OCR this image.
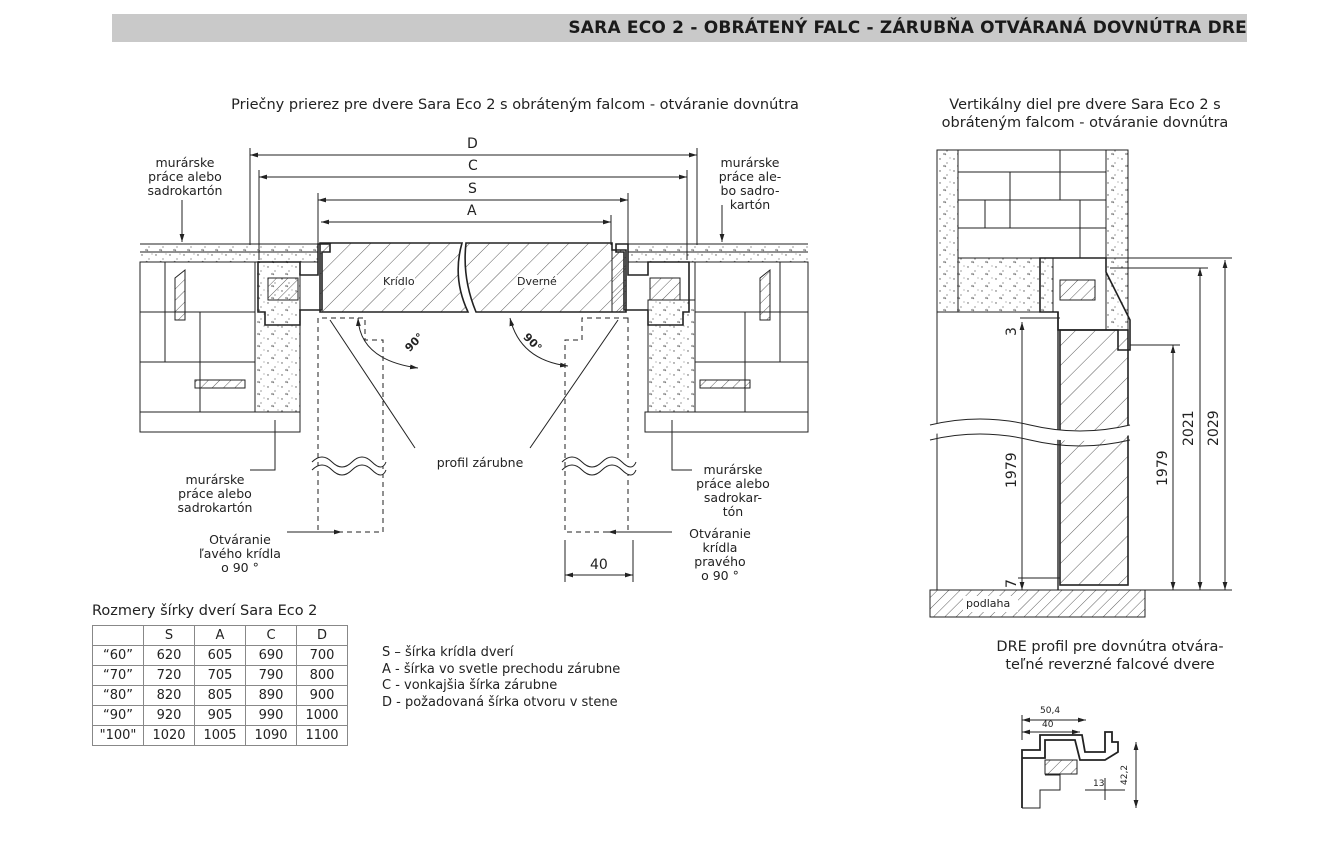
SARA ECO 2 - OBRÁTENÝ FALC - ZÁRUBŇA OTVÁRANÁ DOVNÚTRA DRE
Priečny prierez pre dvere Sara Eco 2 s obráteným falcom - otváranie dovnútra
D
C
S
A
40
90°	90°
Krídlo	Dverné
profil zárubne
murárske
práce alebo
sadrokartón
murárske
práce ale-
bo sadro-
kartón
murárske
práce alebo
sadrokartón
murárske
práce alebo
sadrokar-
tón
Otváranie
ľavého krídla
o 90 °
Otváranie
krídla
pravého
o 90 °
Vertikálny diel pre dvere Sara Eco 2 s
obráteným falcom - otváranie dovnútra
3
7
1979	1979
2021 2029
podlaha
DRE profil pre dovnútra otvára-
teľné reverzné falcové dvere
50,4
40
13 42,2
Rozmery šírky dverí Sara Eco 2
	S	A	C	D
“60”	620	605	690	700
“70”	720	705	790	800
“80”	820	805	890	900
“90”	920	905	990	1000
"100"	1020	1005	1090	1100
S – šírka krídla dverí
A - šírka vo svetle prechodu zárubne
C - vonkajšia šírka zárubne
D - požadovaná šírka otvoru v stene
